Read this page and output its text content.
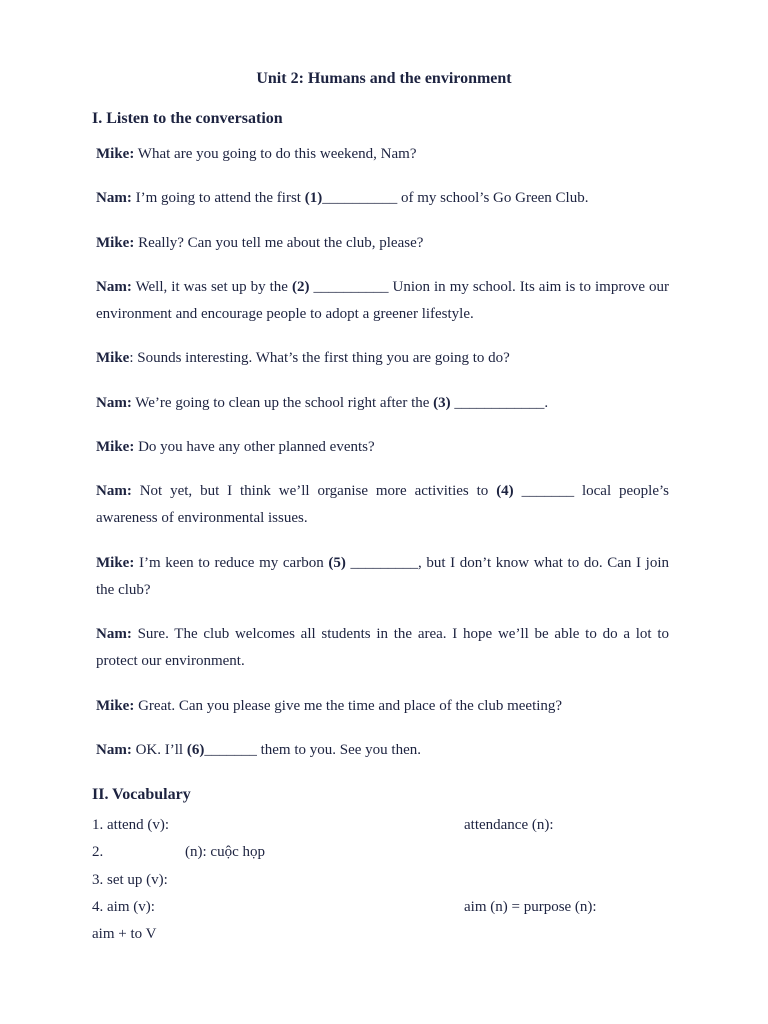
Unit 2: Humans and the environment
I. Listen to the conversation
Mike: What are you going to do this weekend, Nam?
Nam: I’m going to attend the first (1)__________ of my school’s Go Green Club.
Mike: Really? Can you tell me about the club, please?
Nam: Well, it was set up by the (2) __________ Union in my school. Its aim is to improve our environment and encourage people to adopt a greener lifestyle.
Mike: Sounds interesting. What’s the first thing you are going to do?
Nam: We’re going to clean up the school right after the (3) ____________.
Mike: Do you have any other planned events?
Nam: Not yet, but I think we’ll organise more activities to (4) _______ local people’s awareness of environmental issues.
Mike: I’m keen to reduce my carbon (5) _________, but I don’t know what to do. Can I join the club?
Nam: Sure. The club welcomes all students in the area. I hope we’ll be able to do a lot to protect our environment.
Mike: Great. Can you please give me the time and place of the club meeting?
Nam: OK. I’ll (6)_______ them to you. See you then.
II. Vocabulary
1. attend (v):	attendance (n):
2.	(n): cuộc họp
3. set up (v):
4. aim (v):	aim (n) = purpose (n):
aim + to V
